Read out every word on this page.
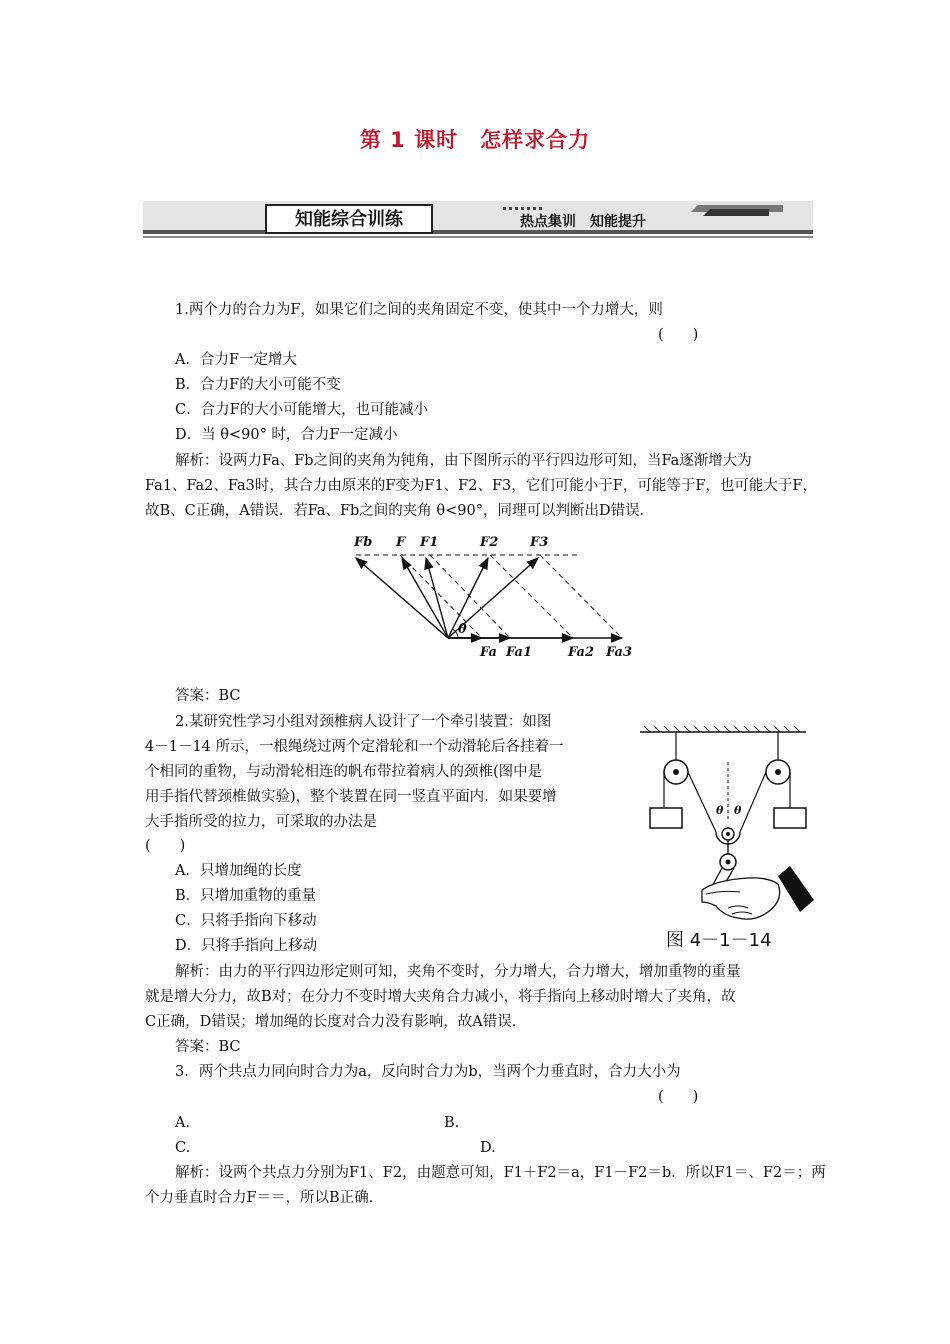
第 1 课时　怎样求合力
知能综合训练	热点集训　知能提升
1.两个力的合力为F，如果它们之间的夹角固定不变，使其中一个力增大，则
(　　)
A．合力F一定增大
B．合力F的大小可能不变
C．合力F的大小可能增大，也可能减小
D．当 θ<90° 时，合力F一定减小
解析：设两力Fa、Fb之间的夹角为钝角，由下图所示的平行四边形可知，当Fa逐渐增大为
Fa1、Fa2、Fa3时，其合力由原来的F变为F1、F2、F3，它们可能小于F，可能等于F，也可能大于F，
故B、C正确，A错误．若Fa、Fb之间的夹角 θ<90°，同理可以判断出D错误．
Fb F F1	F2 F3
θ
Fa Fa1	Fa2 Fa3
答案：BC
2.某研究性学习小组对颈椎病人设计了一个牵引装置：如图
4－1－14 所示，一根绳绕过两个定滑轮和一个动滑轮后各挂着一
个相同的重物，与动滑轮相连的帆布带拉着病人的颈椎(图中是
用手指代替颈椎做实验)，整个装置在同一竖直平面内．如果要增
大手指所受的拉力，可采取的办法是
(　　)
A．只增加绳的长度
B．只增加重物的重量
C．只将手指向下移动
D．只将手指向上移动
θ θ
图 4－1－14
解析：由力的平行四边形定则可知，夹角不变时，分力增大，合力增大，增加重物的重量
就是增大分力，故B对；在分力不变时增大夹角合力减小，将手指向上移动时增大了夹角，故
C正确，D错误；增加绳的长度对合力没有影响，故A错误．
答案：BC
3．两个共点力同向时合力为a，反向时合力为b，当两个力垂直时，合力大小为
(　　)
A.	B.
C.	D.
解析：设两个共点力分别为F1、F2，由题意可知，F1＋F2＝a，F1－F2＝b．所以F1＝、F2＝；两
个力垂直时合力F＝＝，所以B正确．
